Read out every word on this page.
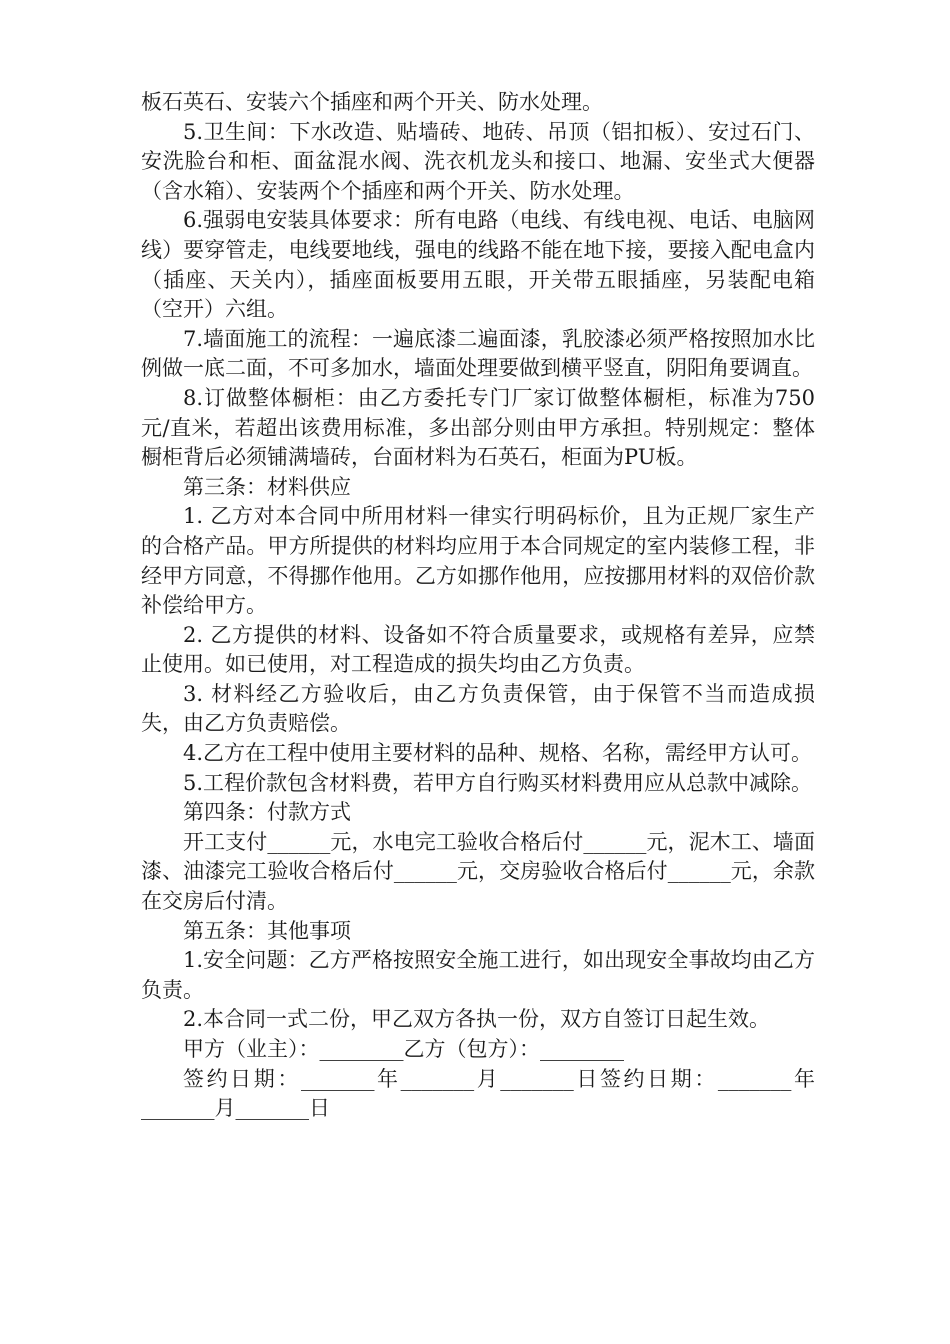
板石英石、安装六个插座和两个开关、防水处理。

5.卫生间：下水改造、贴墙砖、地砖、吊顶（铝扣板）、安过石门、安洗脸台和柜、面盆混水阀、洗衣机龙头和接口、地漏、安坐式大便器（含水箱）、安装两个个插座和两个开关、防水处理。

6.强弱电安装具体要求：所有电路（电线、有线电视、电话、电脑网线）要穿管走，电线要地线，强电的线路不能在地下接，要接入配电盒内（插座、天关内），插座面板要用五眼，开关带五眼插座，另装配电箱（空开）六组。

7.墙面施工的流程：一遍底漆二遍面漆，乳胶漆必须严格按照加水比例做一底二面，不可多加水，墙面处理要做到横平竖直，阴阳角要调直。

8.订做整体橱柜：由乙方委托专门厂家订做整体橱柜，标准为750元/直米，若超出该费用标准，多出部分则由甲方承担。特别规定：整体橱柜背后必须铺满墙砖，台面材料为石英石，柜面为PU板。

第三条：材料供应

1. 乙方对本合同中所用材料一律实行明码标价，且为正规厂家生产的合格产品。甲方所提供的材料均应用于本合同规定的室内装修工程，非经甲方同意，不得挪作他用。乙方如挪作他用，应按挪用材料的双倍价款补偿给甲方。

2. 乙方提供的材料、设备如不符合质量要求，或规格有差异，应禁止使用。如已使用，对工程造成的损失均由乙方负责。

3. 材料经乙方验收后，由乙方负责保管，由于保管不当而造成损失，由乙方负责赔偿。

4.乙方在工程中使用主要材料的品种、规格、名称，需经甲方认可。

5.工程价款包含材料费，若甲方自行购买材料费用应从总款中减除。

第四条：付款方式

开工支付______元，水电完工验收合格后付______元，泥木工、墙面漆、油漆完工验收合格后付______元，交房验收合格后付______元，余款在交房后付清。

第五条：其他事项

1.安全问题：乙方严格按照安全施工进行，如出现安全事故均由乙方负责。

2.本合同一式二份，甲乙双方各执一份，双方自签订日起生效。

甲方（业主）：________乙方（包方）：________

签约日期：_______年_______月_______日签约日期：_______年_______月_______日
